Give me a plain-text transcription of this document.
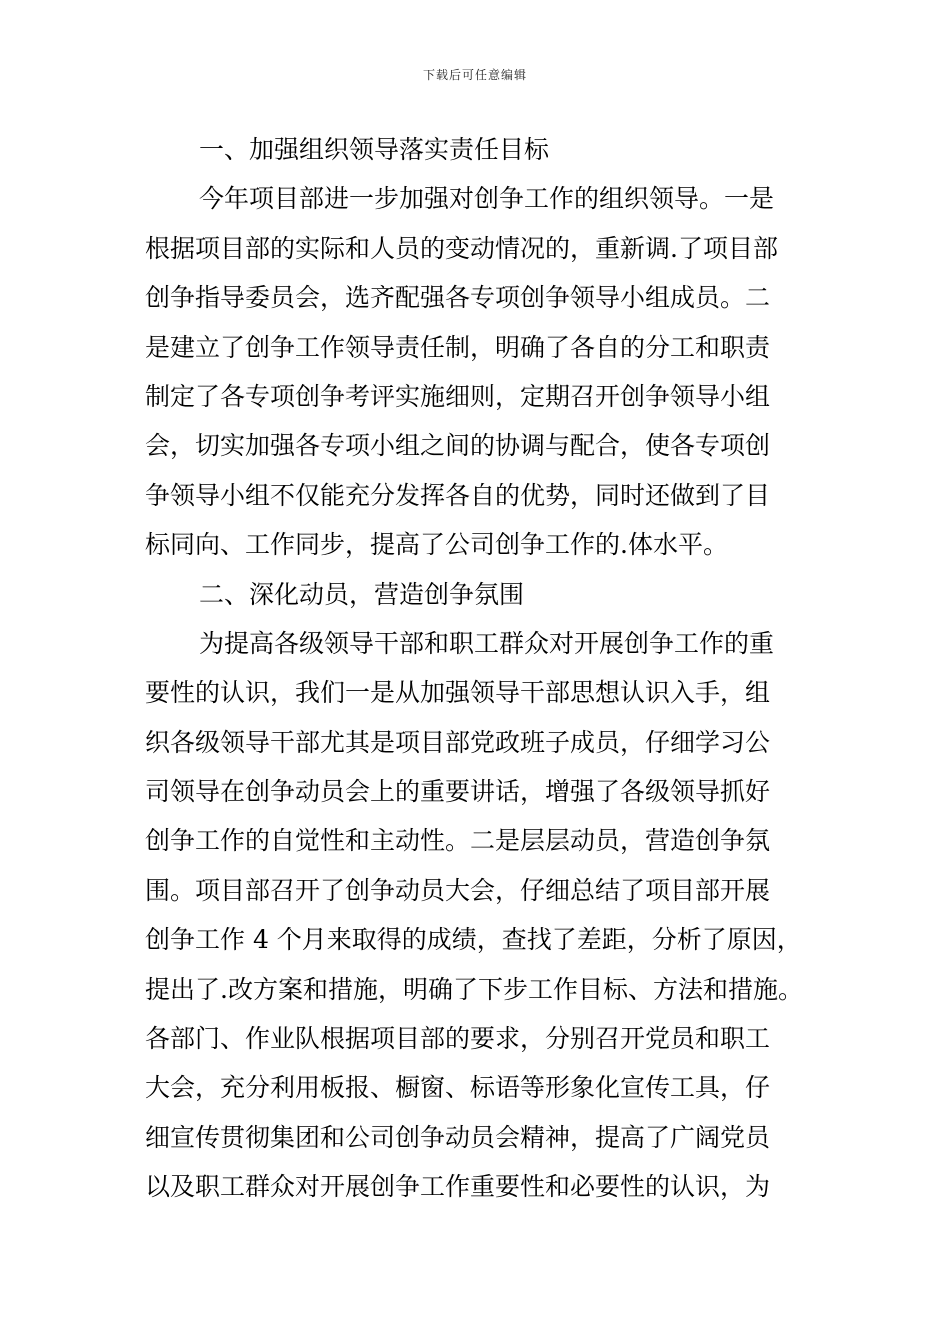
下载后可任意编辑
一、加强组织领导落实责任目标
今年项目部进一步加强对创争工作的组织领导。一是
根据项目部的实际和人员的变动情况的，重新调.了项目部
创争指导委员会，选齐配强各专项创争领导小组成员。二
是建立了创争工作领导责任制，明确了各自的分工和职责
制定了各专项创争考评实施细则，定期召开创争领导小组
会，切实加强各专项小组之间的协调与配合，使各专项创
争领导小组不仅能充分发挥各自的优势，同时还做到了目
标同向、工作同步，提高了公司创争工作的.体水平。
二、深化动员，营造创争氛围
为提高各级领导干部和职工群众对开展创争工作的重
要性的认识，我们一是从加强领导干部思想认识入手，组
织各级领导干部尤其是项目部党政班子成员，仔细学习公
司领导在创争动员会上的重要讲话，增强了各级领导抓好
创争工作的自觉性和主动性。二是层层动员，营造创争氛
围。项目部召开了创争动员大会，仔细总结了项目部开展
创争工作 4 个月来取得的成绩，查找了差距，分析了原因，
提出了.改方案和措施，明确了下步工作目标、方法和措施。
各部门、作业队根据项目部的要求，分别召开党员和职工
大会，充分利用板报、橱窗、标语等形象化宣传工具，仔
细宣传贯彻集团和公司创争动员会精神，提高了广阔党员
以及职工群众对开展创争工作重要性和必要性的认识，为
